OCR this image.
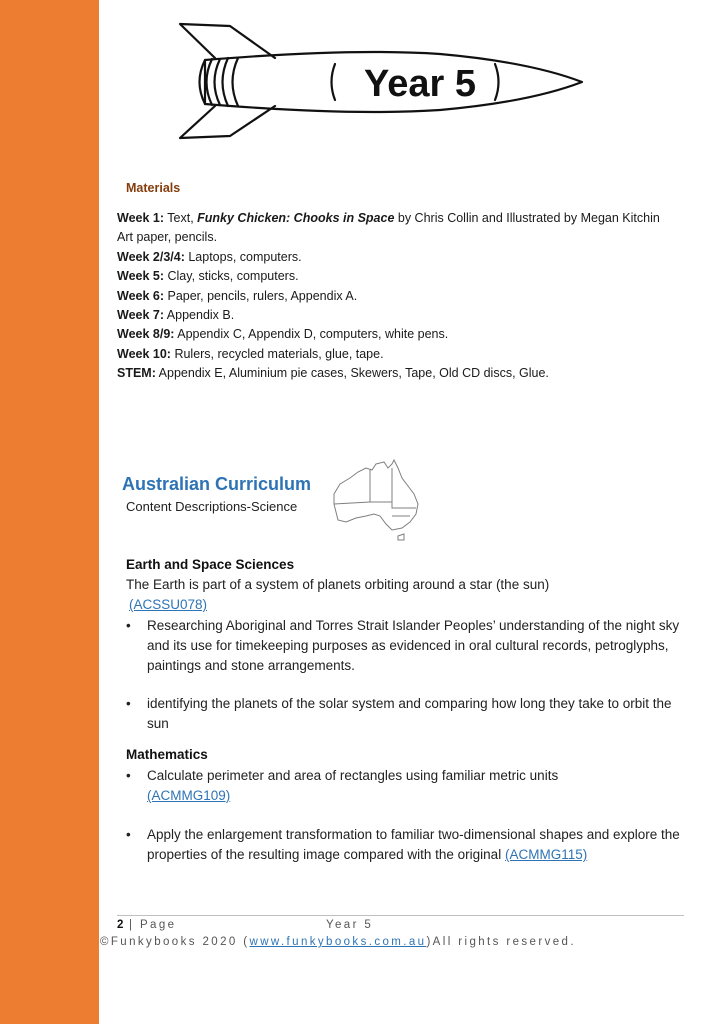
Year 5
Materials
Week 1: Text, Funky Chicken: Chooks in Space by Chris Collin and Illustrated by Megan Kitchin
Art paper, pencils.
Week 2/3/4: Laptops, computers.
Week 5: Clay, sticks, computers.
Week 6: Paper, pencils, rulers, Appendix A.
Week 7: Appendix B.
Week 8/9: Appendix C, Appendix D, computers, white pens.
Week 10: Rulers, recycled materials, glue, tape.
STEM: Appendix E, Aluminium pie cases, Skewers, Tape, Old CD discs, Glue.
Australian Curriculum
Content Descriptions-Science
Earth and Space Sciences
The Earth is part of a system of planets orbiting around a star (the sun)
(ACSSU078)
• Researching Aboriginal and Torres Strait Islander Peoples’ understanding of the night sky and its use for timekeeping purposes as evidenced in oral cultural records, petroglyphs, paintings and stone arrangements.
• identifying the planets of the solar system and comparing how long they take to orbit the sun
Mathematics
• Calculate perimeter and area of rectangles using familiar metric units (ACMMG109)
• Apply the enlargement transformation to familiar two-dimensional shapes and explore the properties of the resulting image compared with the original (ACMMG115)
2 | Page	Year 5
©Funkybooks 2020 (www.funkybooks.com.au)All rights reserved.
